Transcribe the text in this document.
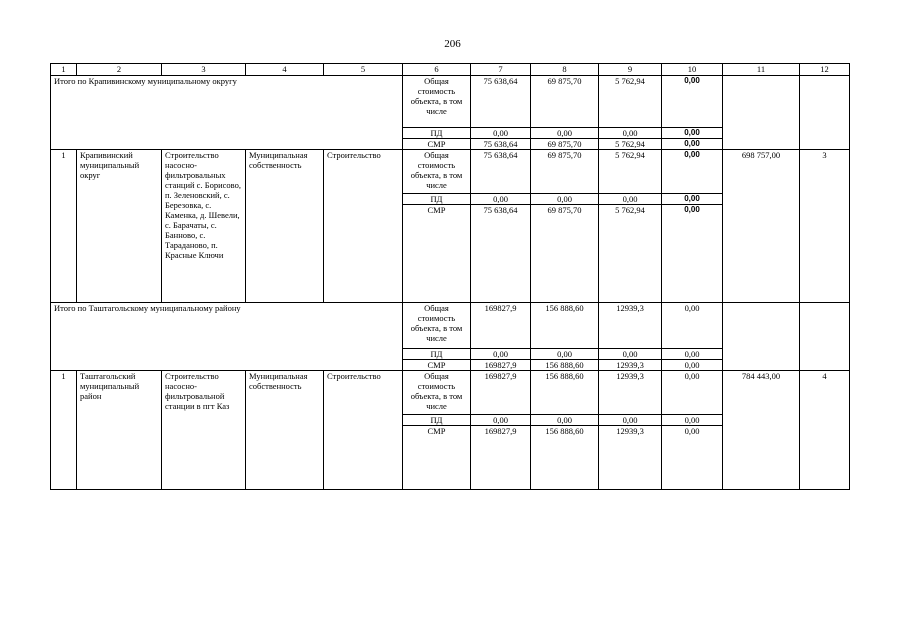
206
1	2	3	4	5	6	7	8	9	10	11	12
Итого по Крапивинскому муниципальному округу					Общая стоимость объекта, в том числе	75 638,64	69 875,70	5 762,94	0,00		
					ПД	0,00	0,00	0,00	0,00		
					СМР	75 638,64	69 875,70	5 762,94	0,00		
1	Крапивинский муниципальный округ	Строительство насосно-фильтровальных станций с. Борисово, п. Зеленовский, с. Березовка, с. Каменка, д. Шевели, с. Барачаты, с. Банново, с. Тараданово, п. Красные Ключи	Муниципальная собственность	Строительство	Общая стоимость объекта, в том числе	75 638,64	69 875,70	5 762,94	0,00	698 757,00	3
					ПД	0,00	0,00	0,00	0,00		
					СМР	75 638,64	69 875,70	5 762,94	0,00		
Итого по Таштагольскому муниципальному району					Общая стоимость объекта, в том числе	169827,9	156 888,60	12939,3	0,00		
					ПД	0,00	0,00	0,00	0,00		
					СМР	169827,9	156 888,60	12939,3	0,00		
1	Таштагольский муниципальный район	Строительство насосно-фильтровальной станции в пгт Каз	Муниципальная собственность	Строительство	Общая стоимость объекта, в том числе	169827,9	156 888,60	12939,3	0,00	784 443,00	4
					ПД	0,00	0,00	0,00	0,00		
					СМР	169827,9	156 888,60	12939,3	0,00		
